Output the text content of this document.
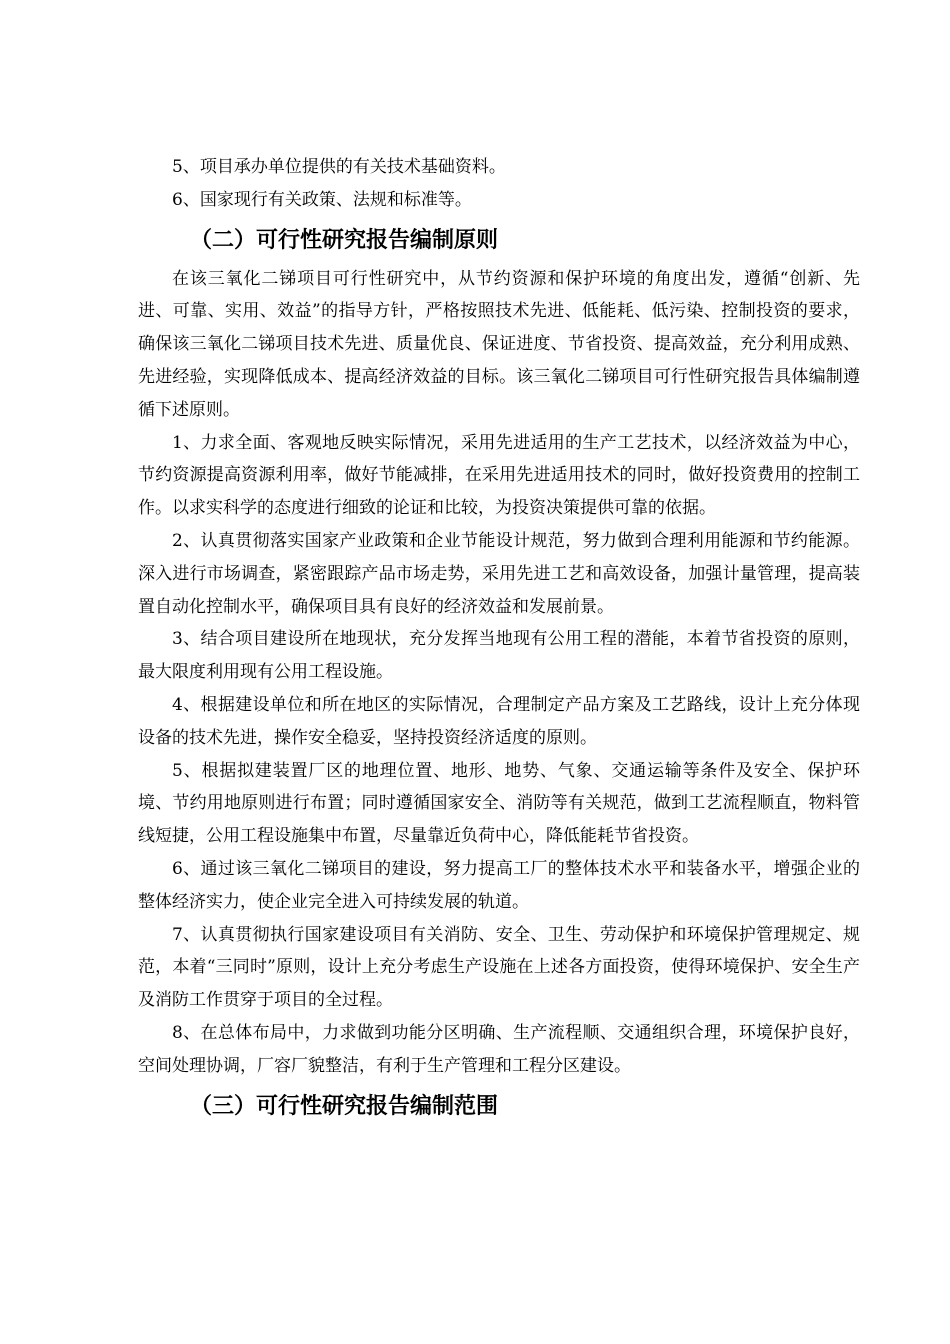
5、项目承办单位提供的有关技术基础资料。

6、国家现行有关政策、法规和标准等。

（二）可行性研究报告编制原则

在该三氧化二锑项目可行性研究中，从节约资源和保护环境的角度出发，遵循“创新、先进、可靠、实用、效益”的指导方针，严格按照技术先进、低能耗、低污染、控制投资的要求，确保该三氧化二锑项目技术先进、质量优良、保证进度、节省投资、提高效益，充分利用成熟、先进经验，实现降低成本、提高经济效益的目标。该三氧化二锑项目可行性研究报告具体编制遵循下述原则。

1、力求全面、客观地反映实际情况，采用先进适用的生产工艺技术，以经济效益为中心，节约资源提高资源利用率，做好节能减排，在采用先进适用技术的同时，做好投资费用的控制工作。以求实科学的态度进行细致的论证和比较，为投资决策提供可靠的依据。

2、认真贯彻落实国家产业政策和企业节能设计规范，努力做到合理利用能源和节约能源。深入进行市场调查，紧密跟踪产品市场走势，采用先进工艺和高效设备，加强计量管理，提高装置自动化控制水平，确保项目具有良好的经济效益和发展前景。

3、结合项目建设所在地现状，充分发挥当地现有公用工程的潜能，本着节省投资的原则，最大限度利用现有公用工程设施。

4、根据建设单位和所在地区的实际情况，合理制定产品方案及工艺路线，设计上充分体现设备的技术先进，操作安全稳妥，坚持投资经济适度的原则。

5、根据拟建装置厂区的地理位置、地形、地势、气象、交通运输等条件及安全、保护环境、节约用地原则进行布置；同时遵循国家安全、消防等有关规范，做到工艺流程顺直，物料管线短捷，公用工程设施集中布置，尽量靠近负荷中心，降低能耗节省投资。

6、通过该三氧化二锑项目的建设，努力提高工厂的整体技术水平和装备水平，增强企业的整体经济实力，使企业完全进入可持续发展的轨道。

7、认真贯彻执行国家建设项目有关消防、安全、卫生、劳动保护和环境保护管理规定、规范，本着“三同时”原则，设计上充分考虑生产设施在上述各方面投资，使得环境保护、安全生产及消防工作贯穿于项目的全过程。

8、在总体布局中，力求做到功能分区明确、生产流程顺、交通组织合理，环境保护良好，空间处理协调，厂容厂貌整洁，有利于生产管理和工程分区建设。

（三）可行性研究报告编制范围
